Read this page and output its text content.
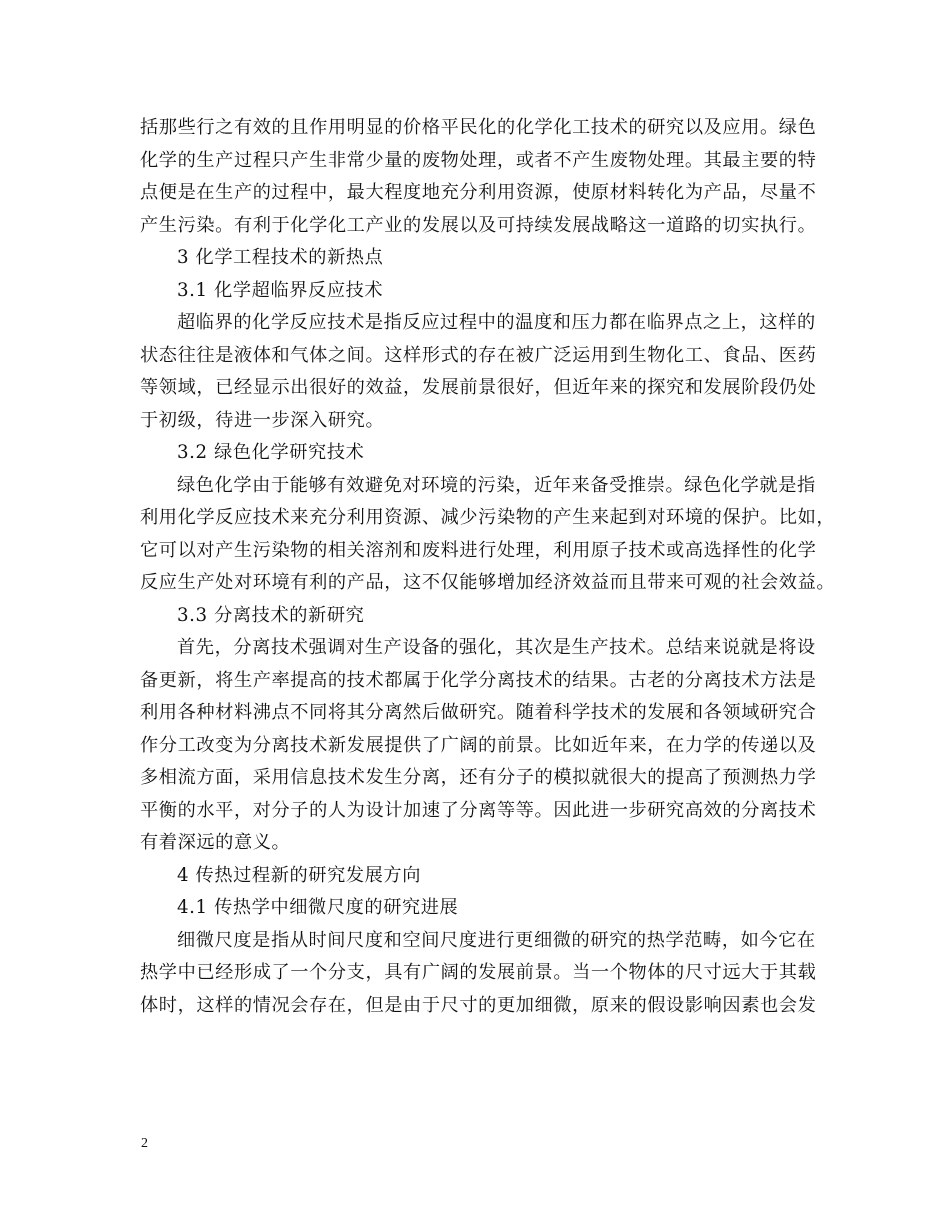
括那些行之有效的且作用明显的价格平民化的化学化工技术的研究以及应用。绿色
化学的生产过程只产生非常少量的废物处理，或者不产生废物处理。其最主要的特
点便是在生产的过程中，最大程度地充分利用资源，使原材料转化为产品，尽量不
产生污染。有利于化学化工产业的发展以及可持续发展战略这一道路的切实执行。
3 化学工程技术的新热点
3.1 化学超临界反应技术
超临界的化学反应技术是指反应过程中的温度和压力都在临界点之上，这样的
状态往往是液体和气体之间。这样形式的存在被广泛运用到生物化工、食品、医药
等领域，已经显示出很好的效益，发展前景很好，但近年来的探究和发展阶段仍处
于初级，待进一步深入研究。
3.2 绿色化学研究技术
绿色化学由于能够有效避免对环境的污染，近年来备受推崇。绿色化学就是指
利用化学反应技术来充分利用资源、减少污染物的产生来起到对环境的保护。比如，
它可以对产生污染物的相关溶剂和废料进行处理，利用原子技术或高选择性的化学
反应生产处对环境有利的产品，这不仅能够增加经济效益而且带来可观的社会效益。
3.3 分离技术的新研究
首先，分离技术强调对生产设备的强化，其次是生产技术。总结来说就是将设
备更新，将生产率提高的技术都属于化学分离技术的结果。古老的分离技术方法是
利用各种材料沸点不同将其分离然后做研究。随着科学技术的发展和各领域研究合
作分工改变为分离技术新发展提供了广阔的前景。比如近年来，在力学的传递以及
多相流方面，采用信息技术发生分离，还有分子的模拟就很大的提高了预测热力学
平衡的水平，对分子的人为设计加速了分离等等。因此进一步研究高效的分离技术
有着深远的意义。
4 传热过程新的研究发展方向
4.1 传热学中细微尺度的研究进展
细微尺度是指从时间尺度和空间尺度进行更细微的研究的热学范畴，如今它在
热学中已经形成了一个分支，具有广阔的发展前景。当一个物体的尺寸远大于其载
体时，这样的情况会存在，但是由于尺寸的更加细微，原来的假设影响因素也会发
2
